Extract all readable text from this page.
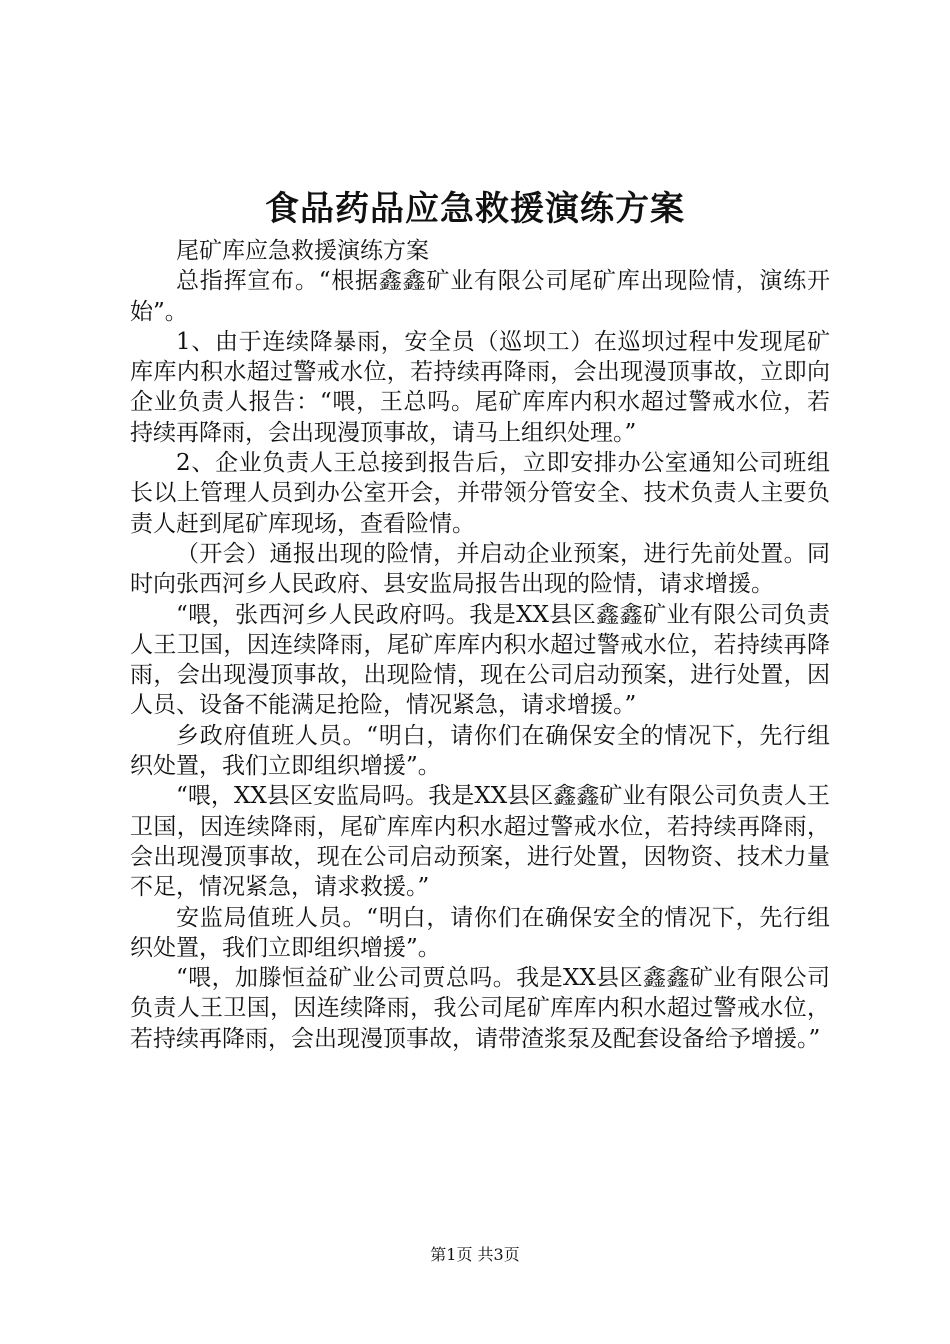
食品药品应急救援演练方案

尾矿库应急救援演练方案

总指挥宣布。“根据鑫鑫矿业有限公司尾矿库出现险情，演练开始”。

1、由于连续降暴雨，安全员（巡坝工）在巡坝过程中发现尾矿库库内积水超过警戒水位，若持续再降雨，会出现漫顶事故，立即向企业负责人报告：“喂，王总吗。尾矿库库内积水超过警戒水位，若持续再降雨，会出现漫顶事故，请马上组织处理。”

2、企业负责人王总接到报告后，立即安排办公室通知公司班组长以上管理人员到办公室开会，并带领分管安全、技术负责人主要负责人赶到尾矿库现场，查看险情。

（开会）通报出现的险情，并启动企业预案，进行先前处置。同时向张西河乡人民政府、县安监局报告出现的险情，请求增援。

“喂，张西河乡人民政府吗。我是XX县区鑫鑫矿业有限公司负责人王卫国，因连续降雨，尾矿库库内积水超过警戒水位，若持续再降雨，会出现漫顶事故，出现险情，现在公司启动预案，进行处置，因人员、设备不能满足抢险，情况紧急，请求增援。”

乡政府值班人员。“明白，请你们在确保安全的情况下，先行组织处置，我们立即组织增援”。

“喂，XX县区安监局吗。我是XX县区鑫鑫矿业有限公司负责人王卫国，因连续降雨，尾矿库库内积水超过警戒水位，若持续再降雨，会出现漫顶事故，现在公司启动预案，进行处置，因物资、技术力量不足，情况紧急，请求救援。”

安监局值班人员。“明白，请你们在确保安全的情况下，先行组织处置，我们立即组织增援”。

“喂，加滕恒益矿业公司贾总吗。我是XX县区鑫鑫矿业有限公司负责人王卫国，因连续降雨，我公司尾矿库库内积水超过警戒水位，若持续再降雨，会出现漫顶事故，请带渣浆泵及配套设备给予增援。”

第1页 共3页
